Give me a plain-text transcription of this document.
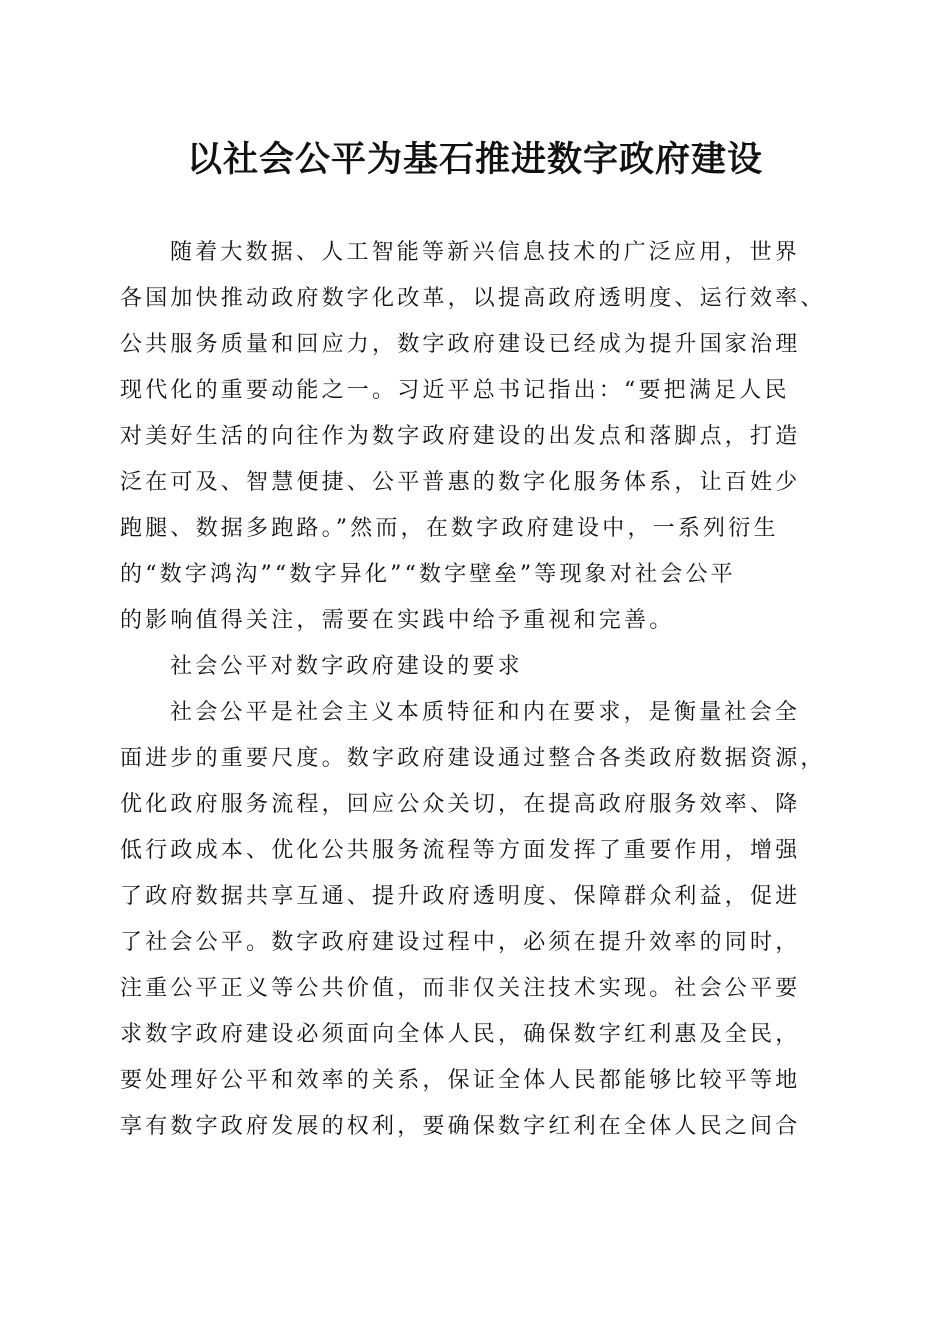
以社会公平为基石推进数字政府建设
随着大数据、人工智能等新兴信息技术的广泛应用，世界
各国加快推动政府数字化改革，以提高政府透明度、运行效率、
公共服务质量和回应力，数字政府建设已经成为提升国家治理
现代化的重要动能之一。习近平总书记指出：“要把满足人民
对美好生活的向往作为数字政府建设的出发点和落脚点，打造
泛在可及、智慧便捷、公平普惠的数字化服务体系，让百姓少
跑腿、数据多跑路。”然而，在数字政府建设中，一系列衍生
的“数字鸿沟”“数字异化”“数字壁垒”等现象对社会公平
的影响值得关注，需要在实践中给予重视和完善。
社会公平对数字政府建设的要求
社会公平是社会主义本质特征和内在要求，是衡量社会全
面进步的重要尺度。数字政府建设通过整合各类政府数据资源，
优化政府服务流程，回应公众关切，在提高政府服务效率、降
低行政成本、优化公共服务流程等方面发挥了重要作用，增强
了政府数据共享互通、提升政府透明度、保障群众利益，促进
了社会公平。数字政府建设过程中，必须在提升效率的同时，
注重公平正义等公共价值，而非仅关注技术实现。社会公平要
求数字政府建设必须面向全体人民，确保数字红利惠及全民，
要处理好公平和效率的关系，保证全体人民都能够比较平等地
享有数字政府发展的权利，要确保数字红利在全体人民之间合
